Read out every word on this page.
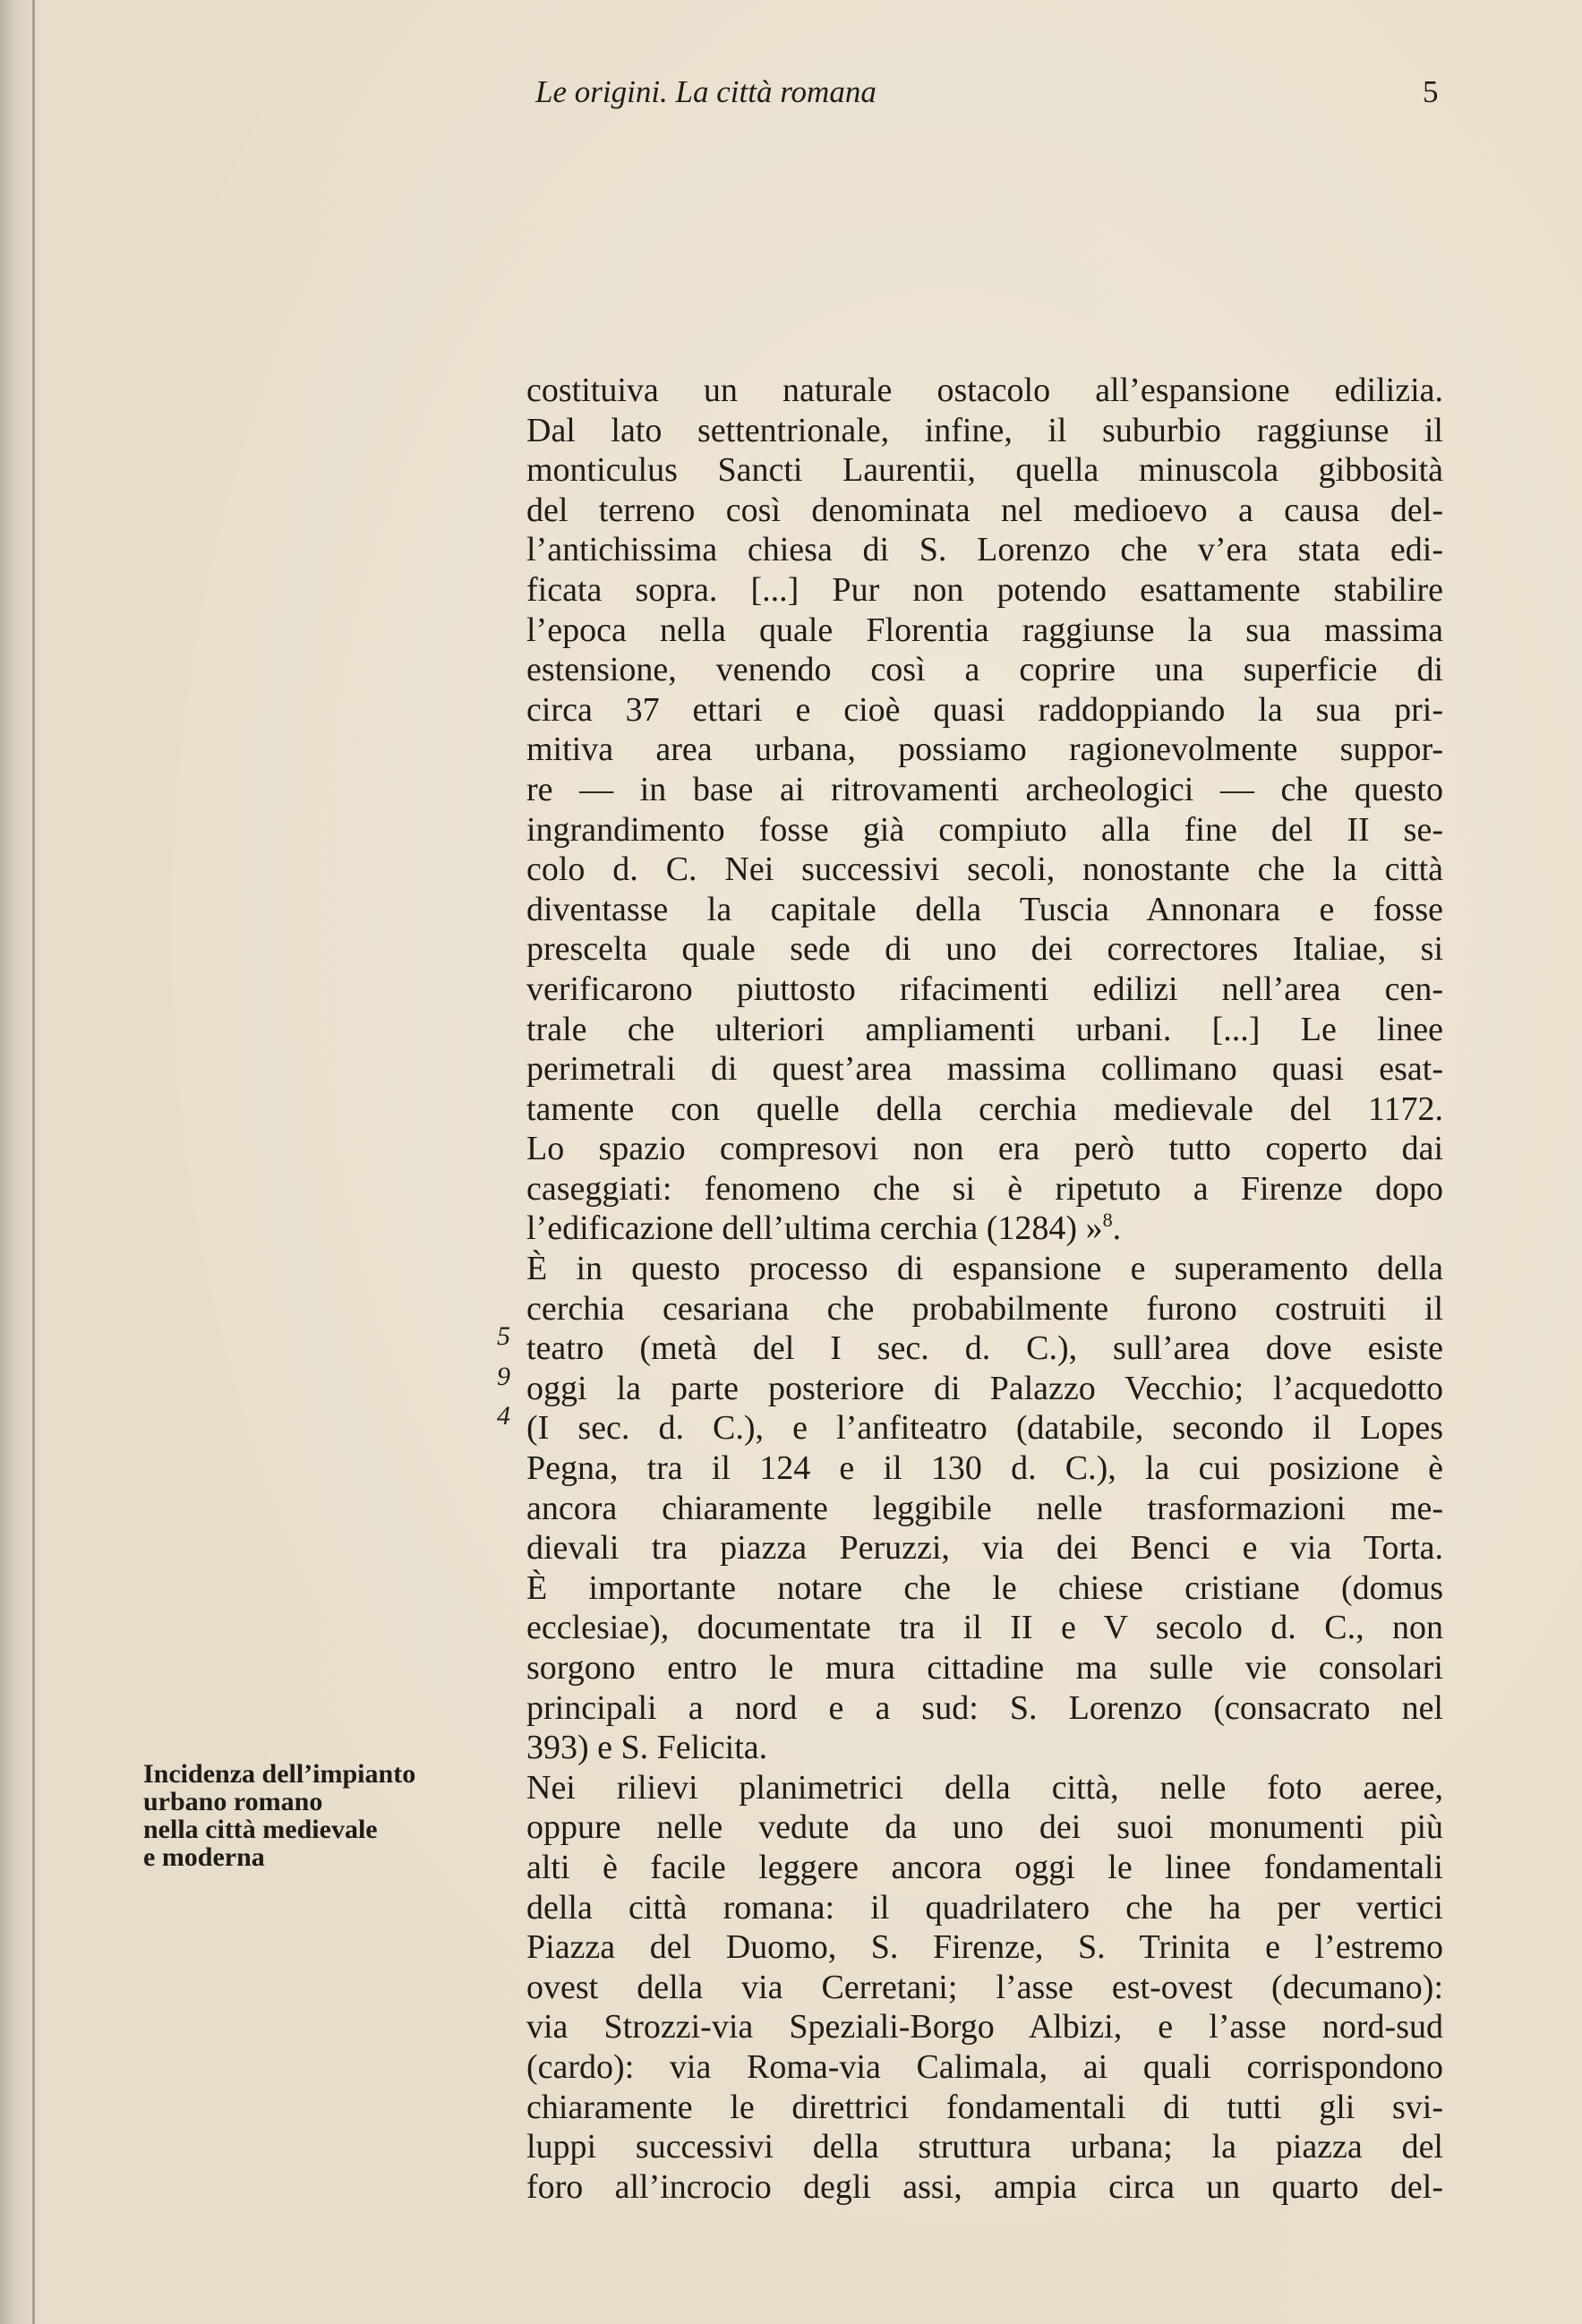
Le origini. La città romana	5
Incidenza dell’impianto
urbano romano
nella città medievale
e moderna
5
9
4
costituiva un naturale ostacolo all’espansione edilizia.
Dal lato settentrionale, infine, il suburbio raggiunse il
monticulus Sancti Laurentii, quella minuscola gibbosità
del terreno così denominata nel medioevo a causa del-
l’antichissima chiesa di S. Lorenzo che v’era stata edi-
ficata sopra. [...] Pur non potendo esattamente stabilire
l’epoca nella quale Florentia raggiunse la sua massima
estensione, venendo così a coprire una superficie di
circa 37 ettari e cioè quasi raddoppiando la sua pri-
mitiva area urbana, possiamo ragionevolmente suppor-
re — in base ai ritrovamenti archeologici — che questo
ingrandimento fosse già compiuto alla fine del II se-
colo d. C. Nei successivi secoli, nonostante che la città
diventasse la capitale della Tuscia Annonara e fosse
prescelta quale sede di uno dei correctores Italiae, si
verificarono piuttosto rifacimenti edilizi nell’area cen-
trale che ulteriori ampliamenti urbani. [...] Le linee
perimetrali di quest’area massima collimano quasi esat-
tamente con quelle della cerchia medievale del 1172.
Lo spazio compresovi non era però tutto coperto dai
caseggiati: fenomeno che si è ripetuto a Firenze dopo
l’edificazione dell’ultima cerchia (1284) »$^8$.
È in questo processo di espansione e superamento della
cerchia cesariana che probabilmente furono costruiti il
teatro (metà del I sec. d. C.), sull’area dove esiste
oggi la parte posteriore di Palazzo Vecchio; l’acquedotto
(I sec. d. C.), e l’anfiteatro (databile, secondo il Lopes
Pegna, tra il 124 e il 130 d. C.), la cui posizione è
ancora chiaramente leggibile nelle trasformazioni me-
dievali tra piazza Peruzzi, via dei Benci e via Torta.
È importante notare che le chiese cristiane (domus
ecclesiae), documentate tra il II e V secolo d. C., non
sorgono entro le mura cittadine ma sulle vie consolari
principali a nord e a sud: S. Lorenzo (consacrato nel
393) e S. Felicita.
Nei rilievi planimetrici della città, nelle foto aeree,
oppure nelle vedute da uno dei suoi monumenti più
alti è facile leggere ancora oggi le linee fondamentali
della città romana: il quadrilatero che ha per vertici
Piazza del Duomo, S. Firenze, S. Trinita e l’estremo
ovest della via Cerretani; l’asse est-ovest (decumano):
via Strozzi-via Speziali-Borgo Albizi, e l’asse nord-sud
(cardo): via Roma-via Calimala, ai quali corrispondono
chiaramente le direttrici fondamentali di tutti gli svi-
luppi successivi della struttura urbana; la piazza del
foro all’incrocio degli assi, ampia circa un quarto del-
